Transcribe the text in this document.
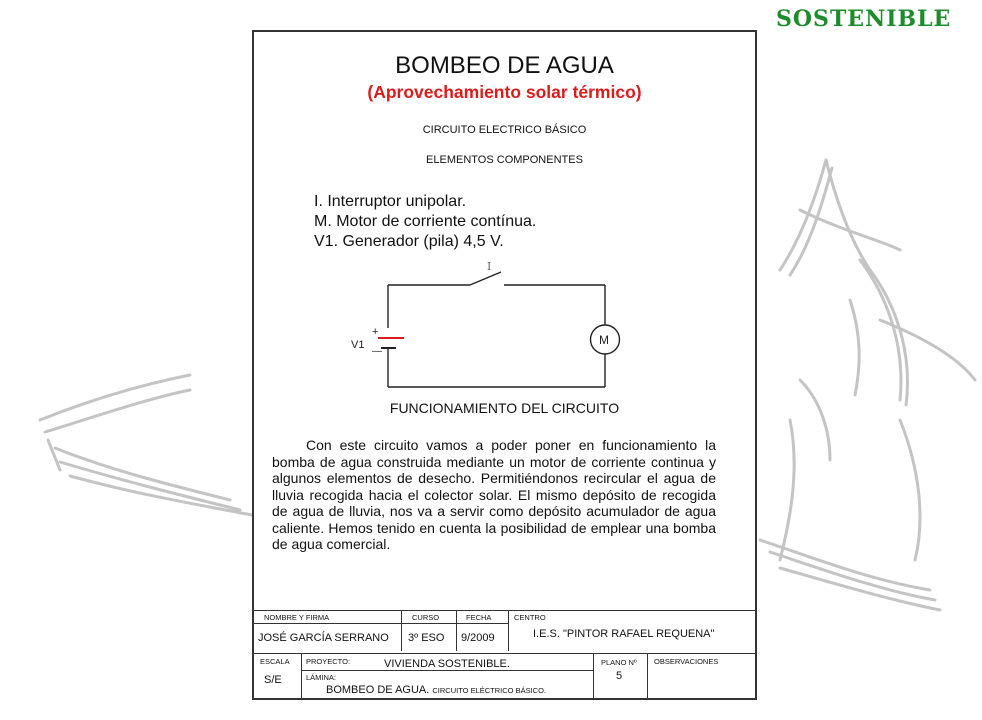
SOSTENIBLE
BOMBEO DE AGUA
(Aprovechamiento solar térmico)
CIRCUITO ELECTRICO BÁSICO
ELEMENTOS COMPONENTES
I. Interruptor unipolar.
M. Motor de corriente contínua.
V1. Generador (pila) 4,5 V.
I
V1
+
—
M
FUNCIONAMIENTO DEL CIRCUITO
Con este circuito vamos a poder poner en funcionamiento la bomba de agua construida mediante un motor de corriente continua y algunos elementos de desecho. Permitiéndonos recircular el agua de lluvia recogida hacia el colector solar. El mismo depósito de recogida de agua de lluvia, nos va a servir como depósito acumulador de agua caliente. Hemos tenido en cuenta la posibilidad de emplear una bomba de agua comercial.
NOMBRE Y FIRMA
JOSÉ GARCÍA SERRANO
CURSO
3º ESO
FECHA
9/2009
CENTRO
I.E.S. "PINTOR RAFAEL REQUENA"
ESCALA
S/E
PROYECTO:	VIVIENDA SOSTENIBLE.
LÁMINA:
BOMBEO DE AGUA. CIRCUITO ELÉCTRICO BÁSICO.
PLANO Nº
5
OBSERVACIONES
